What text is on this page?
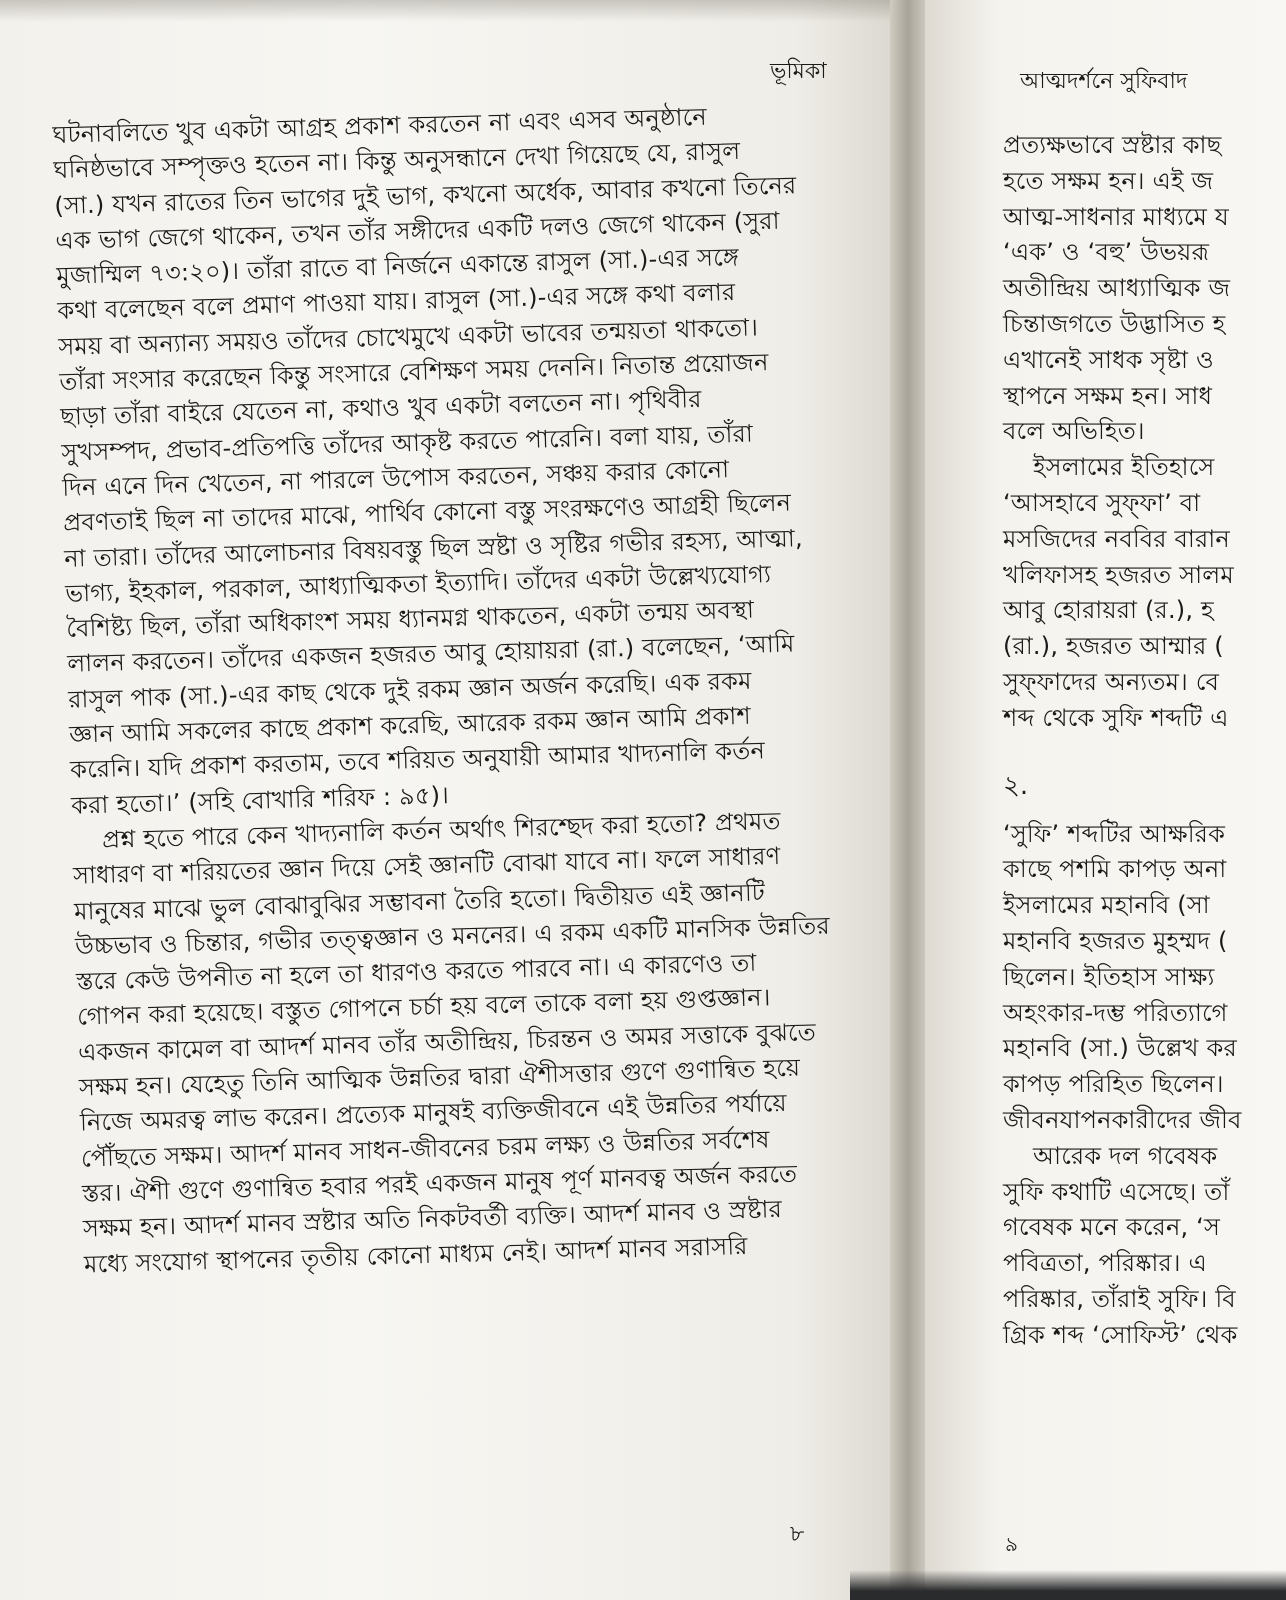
ভূমিকা
ঘটনাবলিতে খুব একটা আগ্রহ প্রকাশ করতেন না এবং এসব অনুষ্ঠানে
ঘনিষ্ঠভাবে সম্পৃক্তও হতেন না। কিন্তু অনুসন্ধানে দেখা গিয়েছে যে, রাসুল
(সা.) যখন রাতের তিন ভাগের দুই ভাগ, কখনো অর্ধেক, আবার কখনো তিনের
এক ভাগ জেগে থাকেন, তখন তাঁর সঙ্গীদের একটি দলও জেগে থাকেন (সুরা
মুজাম্মিল ৭৩:২০)। তাঁরা রাতে বা নির্জনে একান্তে রাসুল (সা.)-এর সঙ্গে
কথা বলেছেন বলে প্রমাণ পাওয়া যায়। রাসুল (সা.)-এর সঙ্গে কথা বলার
সময় বা অন্যান্য সময়ও তাঁদের চোখেমুখে একটা ভাবের তন্ময়তা থাকতো।
তাঁরা সংসার করেছেন কিন্তু সংসারে বেশিক্ষণ সময় দেননি। নিতান্ত প্রয়োজন
ছাড়া তাঁরা বাইরে যেতেন না, কথাও খুব একটা বলতেন না। পৃথিবীর
সুখসম্পদ, প্রভাব-প্রতিপত্তি তাঁদের আকৃষ্ট করতে পারেনি। বলা যায়, তাঁরা
দিন এনে দিন খেতেন, না পারলে উপোস করতেন, সঞ্চয় করার কোনো
প্রবণতাই ছিল না তাদের মাঝে, পার্থিব কোনো বস্তু সংরক্ষণেও আগ্রহী ছিলেন
না তারা। তাঁদের আলোচনার বিষয়বস্তু ছিল স্রষ্টা ও সৃষ্টির গভীর রহস্য, আত্মা,
ভাগ্য, ইহকাল, পরকাল, আধ্যাত্মিকতা ইত্যাদি। তাঁদের একটা উল্লেখ্যযোগ্য
বৈশিষ্ট্য ছিল, তাঁরা অধিকাংশ সময় ধ্যানমগ্ন থাকতেন, একটা তন্ময় অবস্থা
লালন করতেন। তাঁদের একজন হজরত আবু হোয়ায়রা (রা.) বলেছেন, ‘আমি
রাসুল পাক (সা.)-এর কাছ থেকে দুই রকম জ্ঞান অর্জন করেছি। এক রকম
জ্ঞান আমি সকলের কাছে প্রকাশ করেছি, আরেক রকম জ্ঞান আমি প্রকাশ
করেনি। যদি প্রকাশ করতাম, তবে শরিয়ত অনুযায়ী আমার খাদ্যনালি কর্তন
করা হতো।’ (সহি বোখারি শরিফ : ৯৫)।
প্রশ্ন হতে পারে কেন খাদ্যনালি কর্তন অর্থাৎ শিরশ্ছেদ করা হতো? প্রথমত
সাধারণ বা শরিয়তের জ্ঞান দিয়ে সেই জ্ঞানটি বোঝা যাবে না। ফলে সাধারণ
মানুষের মাঝে ভুল বোঝাবুঝির সম্ভাবনা তৈরি হতো। দ্বিতীয়ত এই জ্ঞানটি
উচ্চভাব ও চিন্তার, গভীর তত্ত্বজ্ঞান ও মননের। এ রকম একটি মানসিক উন্নতির
স্তরে কেউ উপনীত না হলে তা ধারণও করতে পারবে না। এ কারণেও তা
গোপন করা হয়েছে। বস্তুত গোপনে চর্চা হয় বলে তাকে বলা হয় গুপ্তজ্ঞান।
একজন কামেল বা আদর্শ মানব তাঁর অতীন্দ্রিয়, চিরন্তন ও অমর সত্তাকে বুঝতে
সক্ষম হন। যেহেতু তিনি আত্মিক উন্নতির দ্বারা ঐশীসত্তার গুণে গুণান্বিত হয়ে
নিজে অমরত্ব লাভ করেন। প্রত্যেক মানুষই ব্যক্তিজীবনে এই উন্নতির পর্যায়ে
পৌঁছতে সক্ষম। আদর্শ মানব সাধন-জীবনের চরম লক্ষ্য ও উন্নতির সর্বশেষ
স্তর। ঐশী গুণে গুণান্বিত হবার পরই একজন মানুষ পূর্ণ মানবত্ব অর্জন করতে
সক্ষম হন। আদর্শ মানব স্রষ্টার অতি নিকটবর্তী ব্যক্তি। আদর্শ মানব ও স্রষ্টার
মধ্যে সংযোগ স্থাপনের তৃতীয় কোনো মাধ্যম নেই। আদর্শ মানব সরাসরি
৮
আত্মদর্শনে সুফিবাদ
প্রত্যক্ষভাবে স্রষ্টার কাছ
হতে সক্ষম হন। এই জ
আত্ম-সাধনার মাধ্যমে য
‘এক’ ও ‘বহু’ উভয়রূ
অতীন্দ্রিয় আধ্যাত্মিক জ
চিন্তাজগতে উদ্ভাসিত হ
এখানেই সাধক সৃষ্টা ও
স্থাপনে সক্ষম হন। সাধ
বলে অভিহিত।
ইসলামের ইতিহাসে
‘আসহাবে সুফ্ফা’ বা
মসজিদের নববির বারান
খলিফাসহ হজরত সালম
আবু হোরায়রা (র.), হ
(রা.), হজরত আম্মার (
সুফ্ফাদের অন্যতম। বে
শব্দ থেকে সুফি শব্দটি এ
২.
‘সুফি’ শব্দটির আক্ষরিক
কাছে পশমি কাপড় অনা
ইসলামের মহানবি (সা
মহানবি হজরত মুহম্মদ (
ছিলেন। ইতিহাস সাক্ষ্য
অহংকার-দম্ভ পরিত্যাগে
মহানবি (সা.) উল্লেখ কর
কাপড় পরিহিত ছিলেন।
জীবনযাপনকারীদের জীব
আরেক দল গবেষক
সুফি কথাটি এসেছে। তাঁ
গবেষক মনে করেন, ‘স
পবিত্রতা, পরিষ্কার। এ
পরিষ্কার, তাঁরাই সুফি। বি
গ্রিক শব্দ ‘সোফিস্ট’ থেক
৯
